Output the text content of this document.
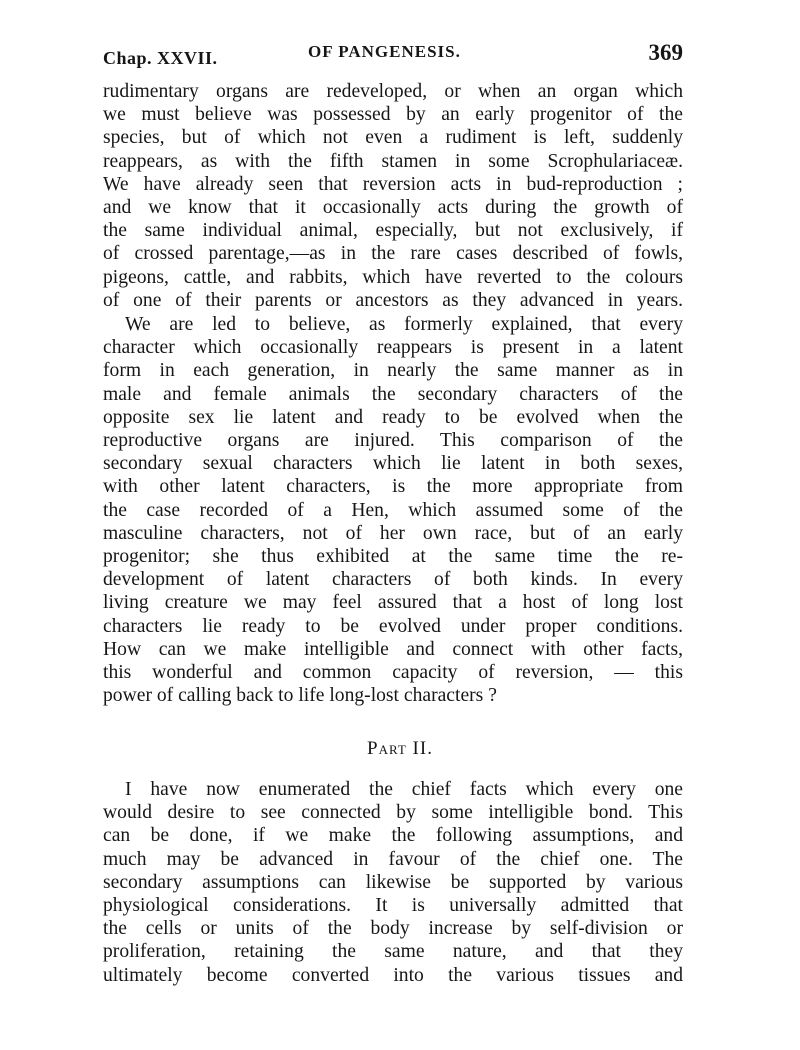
Chap. XXVII.	OF PANGENESIS.	369
rudimentary organs are redeveloped, or when an organ which
we must believe was possessed by an early progenitor of the
species, but of which not even a rudiment is left, suddenly
reappears, as with the fifth stamen in some Scrophulariaceæ.
We have already seen that reversion acts in bud-reproduction ;
and we know that it occasionally acts during the growth of
the same individual animal, especially, but not exclusively, if
of crossed parentage,—as in the rare cases described of fowls,
pigeons, cattle, and rabbits, which have reverted to the colours
of one of their parents or ancestors as they advanced in years.
We are led to believe, as formerly explained, that every
character which occasionally reappears is present in a latent
form in each generation, in nearly the same manner as in
male and female animals the secondary characters of the
opposite sex lie latent and ready to be evolved when the
reproductive organs are injured. This comparison of the
secondary sexual characters which lie latent in both sexes,
with other latent characters, is the more appropriate from
the case recorded of a Hen, which assumed some of the
masculine characters, not of her own race, but of an early
progenitor; she thus exhibited at the same time the re-
development of latent characters of both kinds. In every
living creature we may feel assured that a host of long lost
characters lie ready to be evolved under proper conditions.
How can we make intelligible and connect with other facts,
this wonderful and common capacity of reversion, — this
power of calling back to life long-lost characters ?
Part II.
I have now enumerated the chief facts which every one
would desire to see connected by some intelligible bond. This
can be done, if we make the following assumptions, and
much may be advanced in favour of the chief one. The
secondary assumptions can likewise be supported by various
physiological considerations. It is universally admitted that
the cells or units of the body increase by self-division or
proliferation, retaining the same nature, and that they
ultimately become converted into the various tissues and
